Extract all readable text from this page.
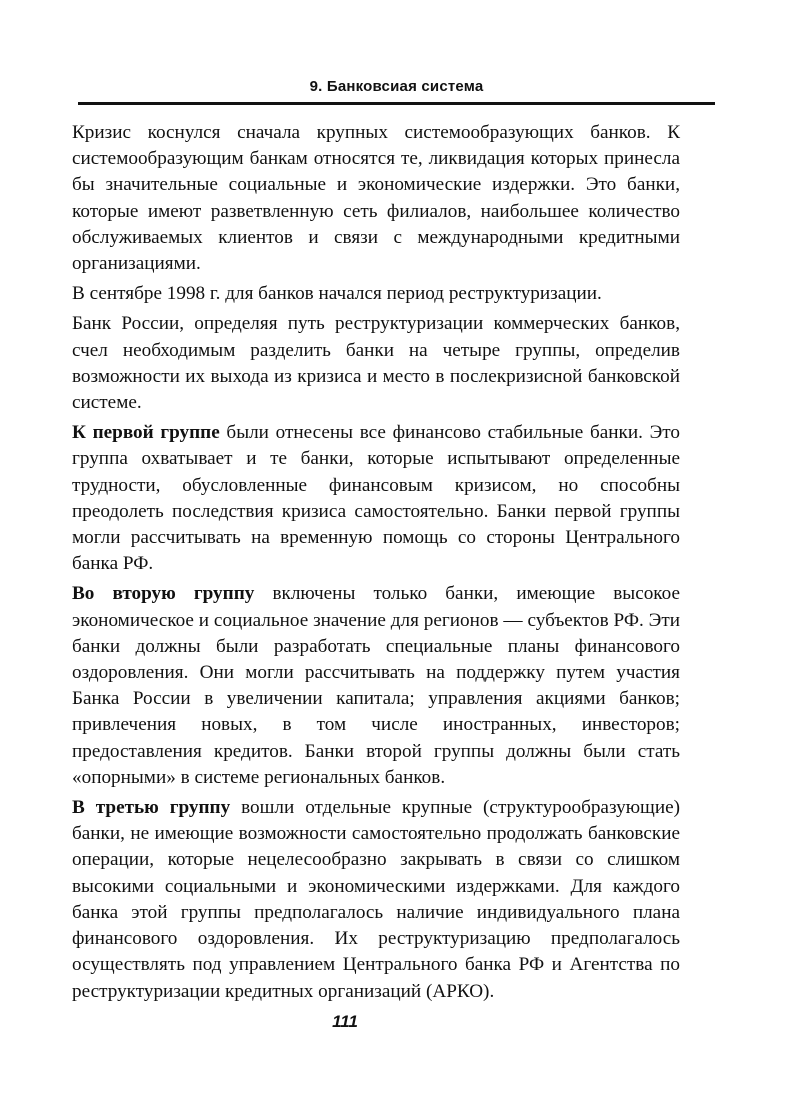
9. Банковсиая система

Кризис коснулся сначала крупных системообразующих банков. К системообразующим банкам относятся те, ликвидация которых принесла бы значительные социальные и экономические издержки. Это банки, которые имеют разветвленную сеть филиалов, наибольшее количество обслуживаемых клиентов и связи с международными кредитными организациями.

В сентябре 1998 г. для банков начался период реструктуризации.

Банк России, определяя путь реструктуризации коммерческих банков, счел необходимым разделить банки на четыре группы, определив возможности их выхода из кризиса и место в послекризисной банковской системе.

К первой группе были отнесены все финансово стабильные банки. Это группа охватывает и те банки, которые испытывают определенные трудности, обусловленные финансовым кризисом, но способны преодолеть последствия кризиса самостоятельно. Банки первой группы могли рассчитывать на временную помощь со стороны Центрального банка РФ.

Во вторую группу включены только банки, имеющие высокое экономическое и социальное значение для регионов — субъектов РФ. Эти банки должны были разработать специальные планы финансового оздоровления. Они могли рассчитывать на поддержку путем участия Банка России в увеличении капитала; управления акциями банков; привлечения новых, в том числе иностранных, инвесторов; предоставления кредитов. Банки второй группы должны были стать «опорными» в системе региональных банков.

В третью группу вошли отдельные крупные (структурообразующие) банки, не имеющие возможности самостоятельно продолжать банковские операции, которые нецелесообразно закрывать в связи со слишком высокими социальными и экономическими издержками. Для каждого банка этой группы предполагалось наличие индивидуального плана финансового оздоровления. Их реструктуризацию предполагалось осуществлять под управлением Центрального банка РФ и Агентства по реструктуризации кредитных организаций (АРКО).

111
